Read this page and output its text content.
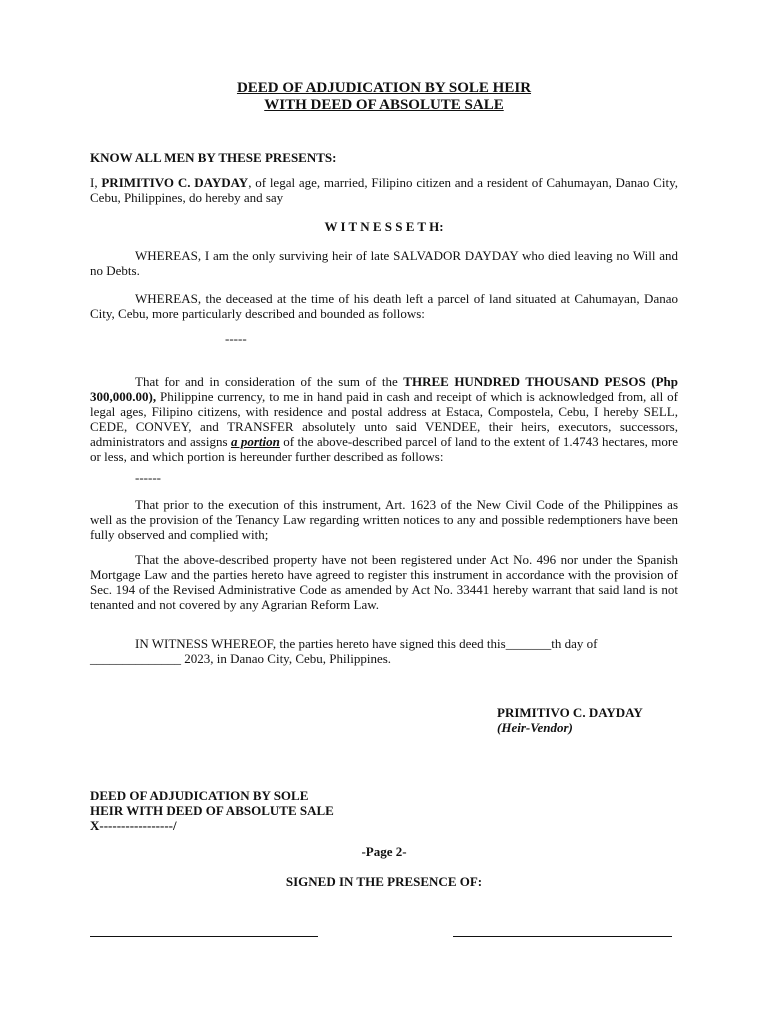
DEED OF ADJUDICATION BY SOLE HEIR
WITH DEED OF ABSOLUTE SALE
KNOW ALL MEN BY THESE PRESENTS:
I, PRIMITIVO C. DAYDAY, of legal age, married, Filipino citizen and a resident of Cahumayan, Danao City, Cebu, Philippines, do hereby and say
W I T N E S S E T H:
WHEREAS, I am the only surviving heir of late SALVADOR DAYDAY who died leaving no Will and no Debts.
WHEREAS, the deceased at the time of his death left a parcel of land situated at Cahumayan, Danao City, Cebu, more particularly described and bounded as follows:
-----
That for and in consideration of the sum of the THREE HUNDRED THOUSAND PESOS (Php 300,000.00), Philippine currency, to me in hand paid in cash and receipt of which is acknowledged from, all of legal ages, Filipino citizens, with residence and postal address at Estaca, Compostela, Cebu, I hereby SELL, CEDE, CONVEY, and TRANSFER absolutely unto said VENDEE, their heirs, executors, successors, administrators and assigns a portion of the above-described parcel of land to the extent of 1.4743 hectares, more or less, and which portion is hereunder further described as follows:
------
That prior to the execution of this instrument, Art. 1623 of the New Civil Code of the Philippines as well as the provision of the Tenancy Law regarding written notices to any and possible redemptioners have been fully observed and complied with;
That the above-described property have not been registered under Act No. 496 nor under the Spanish Mortgage Law and the parties hereto have agreed to register this instrument in accordance with the provision of Sec. 194 of the Revised Administrative Code as amended by Act No. 33441 hereby warrant that said land is not tenanted and not covered by any Agrarian Reform Law.
IN WITNESS WHEREOF, the parties hereto have signed this deed this_______th day of
______________ 2023, in Danao City, Cebu, Philippines.
PRIMITIVO C. DAYDAY
(Heir-Vendor)
DEED OF ADJUDICATION BY SOLE
HEIR WITH DEED OF ABSOLUTE SALE
X-----------------/
-Page 2-
SIGNED IN THE PRESENCE OF:
